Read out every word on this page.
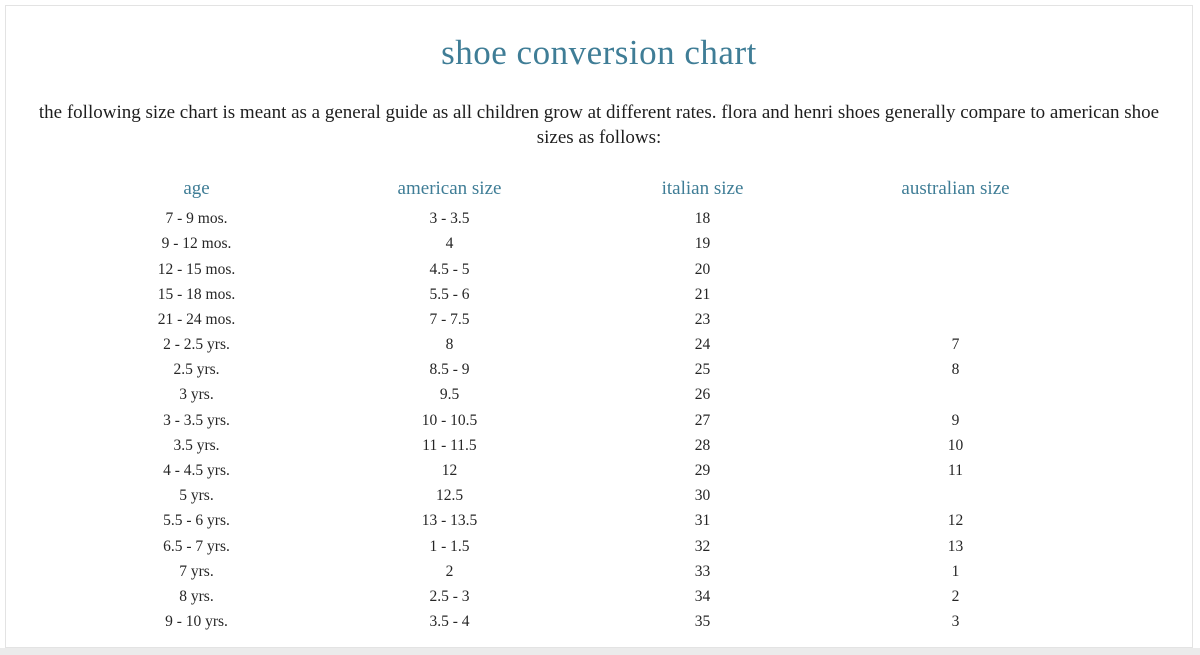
shoe conversion chart

the following size chart is meant as a general guide as all children grow at different rates. flora and henri shoes generally compare to american shoe sizes as follows:

age	american size	italian size	australian size
7 - 9 mos.	3 - 3.5	18	
9 - 12 mos.	4	19	
12 - 15 mos.	4.5 - 5	20	
15 - 18 mos.	5.5 - 6	21	
21 - 24 mos.	7 - 7.5	23	
2 - 2.5 yrs.	8	24	7
2.5 yrs.	8.5 - 9	25	8
3 yrs.	9.5	26	
3 - 3.5 yrs.	10 - 10.5	27	9
3.5 yrs.	11 - 11.5	28	10
4 - 4.5 yrs.	12	29	11
5 yrs.	12.5	30	
5.5 - 6 yrs.	13 - 13.5	31	12
6.5 - 7 yrs.	1 - 1.5	32	13
7 yrs.	2	33	1
8 yrs.	2.5 - 3	34	2
9 - 10 yrs.	3.5 - 4	35	3
